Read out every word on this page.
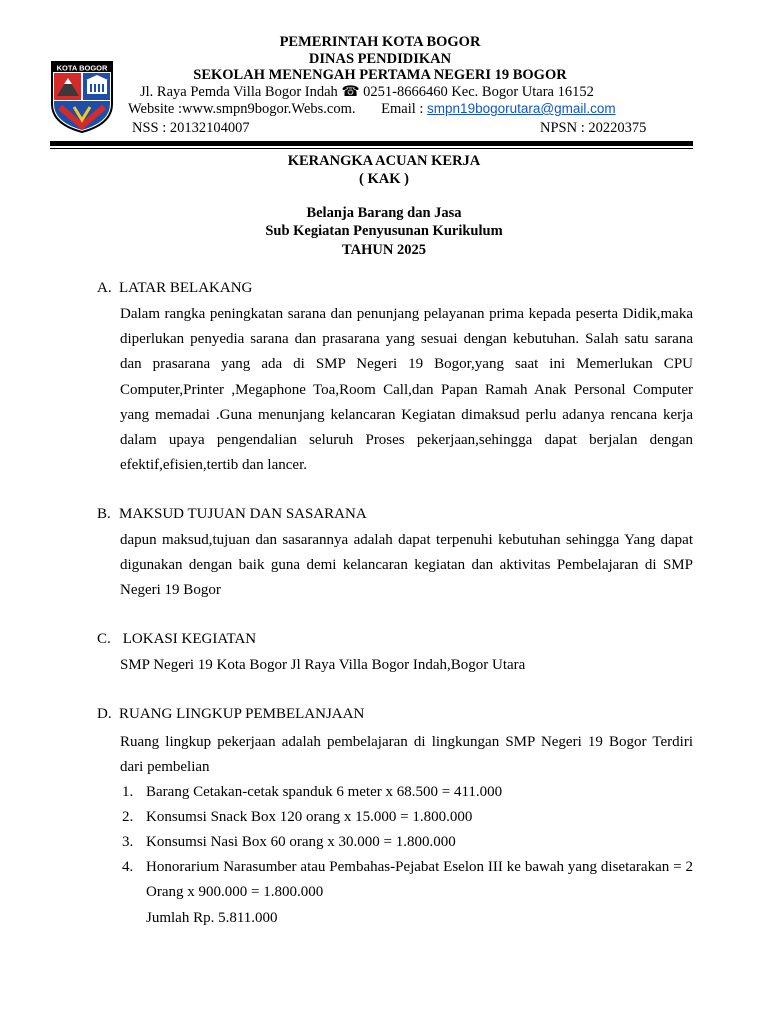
KOTA BOGOR
PEMERINTAH KOTA BOGOR
DINAS PENDIDIKAN
SEKOLAH MENENGAH PERTAMA NEGERI 19 BOGOR
Jl. Raya Pemda Villa Bogor Indah ☎ 0251-8666460 Kec. Bogor Utara 16152
Website :www.smpn9bogor.Webs.com. Email : smpn19bogorutara@gmail.com
NSS : 20132104007	NPSN : 20220375
KERANGKA ACUAN KERJA
( KAK )
Belanja Barang dan Jasa
Sub Kegiatan Penyusunan Kurikulum
TAHUN 2025
A. LATAR BELAKANG
Dalam rangka peningkatan sarana dan penunjang pelayanan prima kepada peserta Didik,maka diperlukan penyedia sarana dan prasarana yang sesuai dengan kebutuhan. Salah satu sarana dan prasarana yang ada di SMP Negeri 19 Bogor,yang saat ini Memerlukan CPU Computer,Printer ,Megaphone Toa,Room Call,dan Papan Ramah Anak Personal Computer yang memadai .Guna menunjang kelancaran Kegiatan dimaksud perlu adanya rencana kerja dalam upaya pengendalian seluruh Proses pekerjaan,sehingga dapat berjalan dengan efektif,efisien,tertib dan lancer.
B. MAKSUD TUJUAN DAN SASARANA
dapun maksud,tujuan dan sasarannya adalah dapat terpenuhi kebutuhan sehingga Yang dapat digunakan dengan baik guna demi kelancaran kegiatan dan aktivitas Pembelajaran di SMP Negeri 19 Bogor
C. LOKASI KEGIATAN
SMP Negeri 19 Kota Bogor Jl Raya Villa Bogor Indah,Bogor Utara
D. RUANG LINGKUP PEMBELANJAAN
Ruang lingkup pekerjaan adalah pembelajaran di lingkungan SMP Negeri 19 Bogor Terdiri dari pembelian
1. Barang Cetakan-cetak spanduk 6 meter x 68.500 = 411.000
2. Konsumsi Snack Box 120 orang x 15.000 = 1.800.000
3. Konsumsi Nasi Box 60 orang x 30.000 = 1.800.000
4. Honorarium Narasumber atau Pembahas-Pejabat Eselon III ke bawah yang disetarakan = 2 Orang x 900.000 = 1.800.000
Jumlah Rp. 5.811.000
